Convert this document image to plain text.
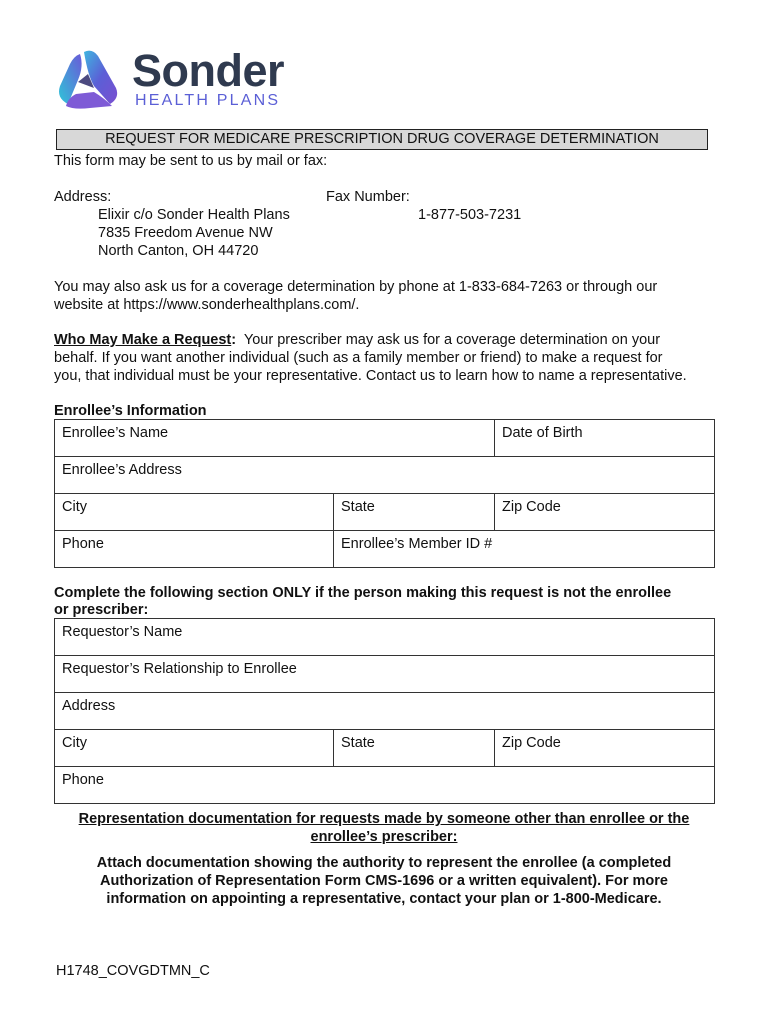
Sonder
HEALTH PLANS
REQUEST FOR MEDICARE PRESCRIPTION DRUG COVERAGE DETERMINATION
This form may be sent to us by mail or fax:
Address:
Elixir c/o Sonder Health Plans
7835 Freedom Avenue NW
North Canton, OH 44720
Fax Number:
1-877-503-7231
You may also ask us for a coverage determination by phone at 1-833-684-7263 or through our
website at https://www.sonderhealthplans.com/.
Who May Make a Request:  Your prescriber may ask us for a coverage determination on your
behalf. If you want another individual (such as a family member or friend) to make a request for
you, that individual must be your representative. Contact us to learn how to name a representative.
Enrollee’s Information
Enrollee’s Name		Date of Birth
Enrollee’s Address		
City	State	Zip Code
Phone	Enrollee’s Member ID #	
Complete the following section ONLY if the person making this request is not the enrollee
or prescriber:
Requestor’s Name
Requestor’s Relationship to Enrollee
Address
City	State	Zip Code
Phone
Representation documentation for requests made by someone other than enrollee or the
enrollee’s prescriber:
Attach documentation showing the authority to represent the enrollee (a completed
Authorization of Representation Form CMS-1696 or a written equivalent). For more
information on appointing a representative, contact your plan or 1-800-Medicare.
H1748_COVGDTMN_C
